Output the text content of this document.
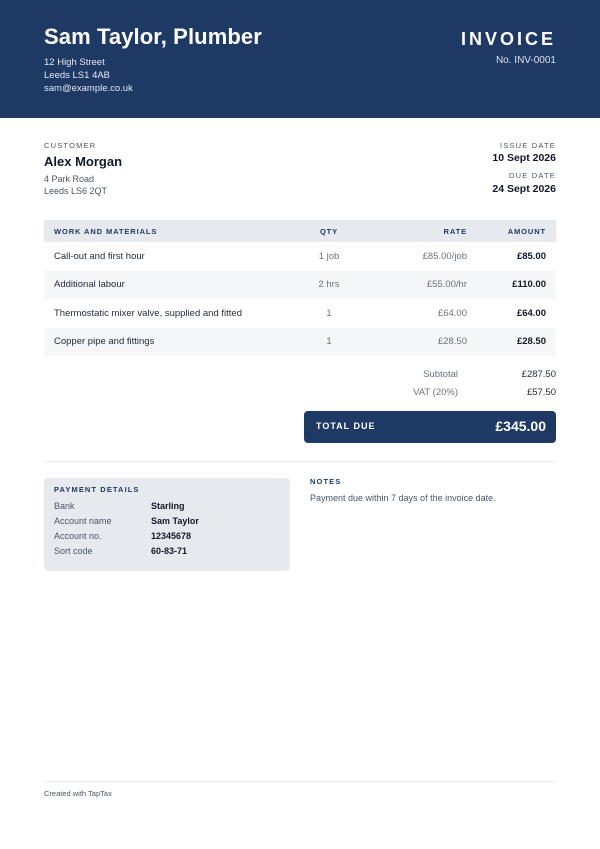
Sam Taylor, Plumber
12 High Street
Leeds LS1 4AB
sam@example.co.uk
INVOICE
No. INV-0001
CUSTOMER
Alex Morgan
4 Park Road
Leeds LS6 2QT
ISSUE DATE
10 Sept 2026
DUE DATE
24 Sept 2026
WORK AND MATERIALS	QTY	RATE	AMOUNT
Call-out and first hour	1 job	£85.00/job	£85.00
Additional labour	2 hrs	£55.00/hr	£110.00
Thermostatic mixer valve, supplied and fitted	1	£64.00	£64.00
Copper pipe and fittings	1	£28.50	£28.50
Subtotal	£287.50
VAT (20%)	£57.50
TOTAL DUE	£345.00
PAYMENT DETAILS
Bank	Starling
Account name	Sam Taylor
Account no.	12345678
Sort code	60-83-71
NOTES
Payment due within 7 days of the invoice date.
Created with TapTax
